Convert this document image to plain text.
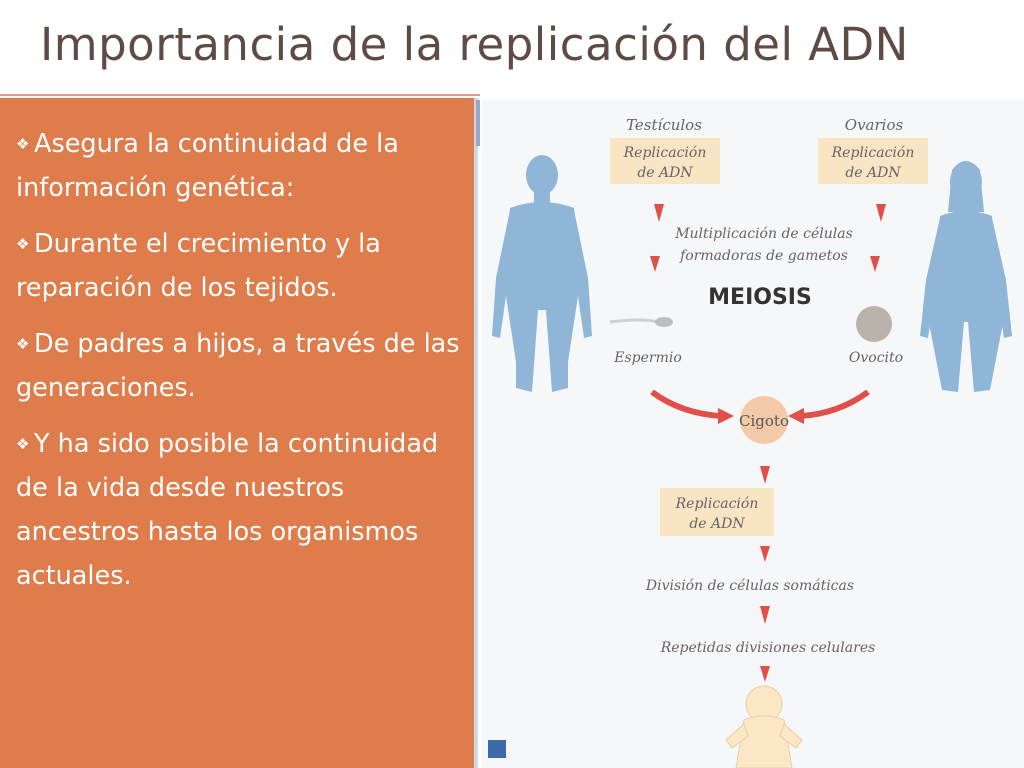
Importancia de la replicación del ADN
❖ Asegura la continuidad de la información genética:
❖ Durante el crecimiento y la reparación de los tejidos.
❖ De padres a hijos, a través de las generaciones.
❖ Y ha sido posible la continuidad de la vida desde nuestros ancestros hasta los organismos actuales.
Testículos	Ovarios
Replicación
de ADN
Replicación
de ADN
Multiplicación de células
formadoras de gametos
MEIOSIS
Espermio	Ovocito
Cigoto
Replicación
de ADN
División de células somáticas
Repetidas divisiones celulares
